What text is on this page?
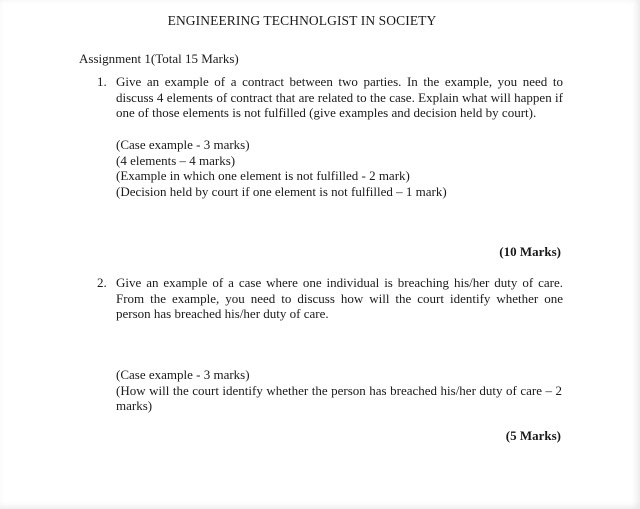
ENGINEERING TECHNOLGIST IN SOCIETY
Assignment 1(Total 15 Marks)
1. Give an example of a contract between two parties. In the example, you need to discuss 4 elements of contract that are related to the case. Explain what will happen if one of those elements is not fulfilled (give examples and decision held by court).
(Case example - 3 marks)
(4 elements – 4 marks)
(Example in which one element is not fulfilled - 2 mark)
(Decision held by court if one element is not fulfilled – 1 mark)
(10 Marks)
2. Give an example of a case where one individual is breaching his/her duty of care. From the example, you need to discuss how will the court identify whether one person has breached his/her duty of care.
(Case example - 3 marks)
(How will the court identify whether the person has breached his/her duty of care – 2 marks)
(5 Marks)
